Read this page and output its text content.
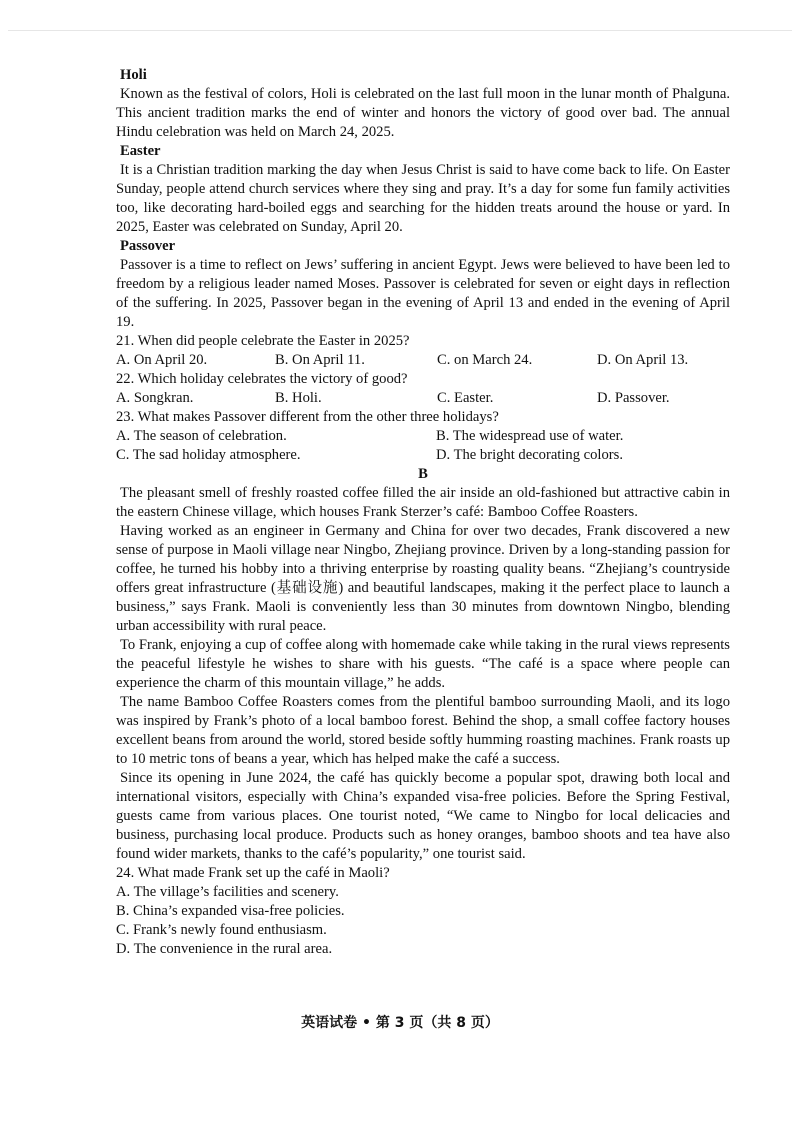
Holi

Known as the festival of colors, Holi is celebrated on the last full moon in the lunar month of Phalguna. This ancient tradition marks the end of winter and honors the victory of good over bad. The annual Hindu celebration was held on March 24, 2025.

Easter

It is a Christian tradition marking the day when Jesus Christ is said to have come back to life. On Easter Sunday, people attend church services where they sing and pray. It’s a day for some fun family activities too, like decorating hard-boiled eggs and searching for the hidden treats around the house or yard. In 2025, Easter was celebrated on Sunday, April 20.

Passover

Passover is a time to reflect on Jews’ suffering in ancient Egypt. Jews were believed to have been led to freedom by a religious leader named Moses. Passover is celebrated for seven or eight days in reflection of the suffering. In 2025, Passover began in the evening of April 13 and ended in the evening of April 19.

21. When did people celebrate the Easter in 2025?

A. On April 20.	B. On April 11.	C. on March 24.	D. On April 13.

22. Which holiday celebrates the victory of good?

A. Songkran.	B. Holi.	C. Easter.	D. Passover.

23. What makes Passover different from the other three holidays?

A. The season of celebration.	B. The widespread use of water.
C. The sad holiday atmosphere.	D. The bright decorating colors.

B

The pleasant smell of freshly roasted coffee filled the air inside an old-fashioned but attractive cabin in the eastern Chinese village, which houses Frank Sterzer’s café: Bamboo Coffee Roasters.

Having worked as an engineer in Germany and China for over two decades, Frank discovered a new sense of purpose in Maoli village near Ningbo, Zhejiang province. Driven by a long-standing passion for coffee, he turned his hobby into a thriving enterprise by roasting quality beans. “Zhejiang’s countryside offers great infrastructure (基础设施) and beautiful landscapes, making it the perfect place to launch a business,” says Frank. Maoli is conveniently less than 30 minutes from downtown Ningbo, blending urban accessibility with rural peace.

To Frank, enjoying a cup of coffee along with homemade cake while taking in the rural views represents the peaceful lifestyle he wishes to share with his guests. “The café is a space where people can experience the charm of this mountain village,” he adds.

The name Bamboo Coffee Roasters comes from the plentiful bamboo surrounding Maoli, and its logo was inspired by Frank’s photo of a local bamboo forest. Behind the shop, a small coffee factory houses excellent beans from around the world, stored beside softly humming roasting machines. Frank roasts up to 10 metric tons of beans a year, which has helped make the café a success.

Since its opening in June 2024, the café has quickly become a popular spot, drawing both local and international visitors, especially with China’s expanded visa-free policies. Before the Spring Festival, guests came from various places. One tourist noted, “We came to Ningbo for local delicacies and business, purchasing local produce. Products such as honey oranges, bamboo shoots and tea have also found wider markets, thanks to the café’s popularity,” one tourist said.

24. What made Frank set up the café in Maoli?

A. The village’s facilities and scenery.

B. China’s expanded visa-free policies.

C. Frank’s newly found enthusiasm.

D. The convenience in the rural area.

英语试卷 • 第 3 页（共 8 页）
